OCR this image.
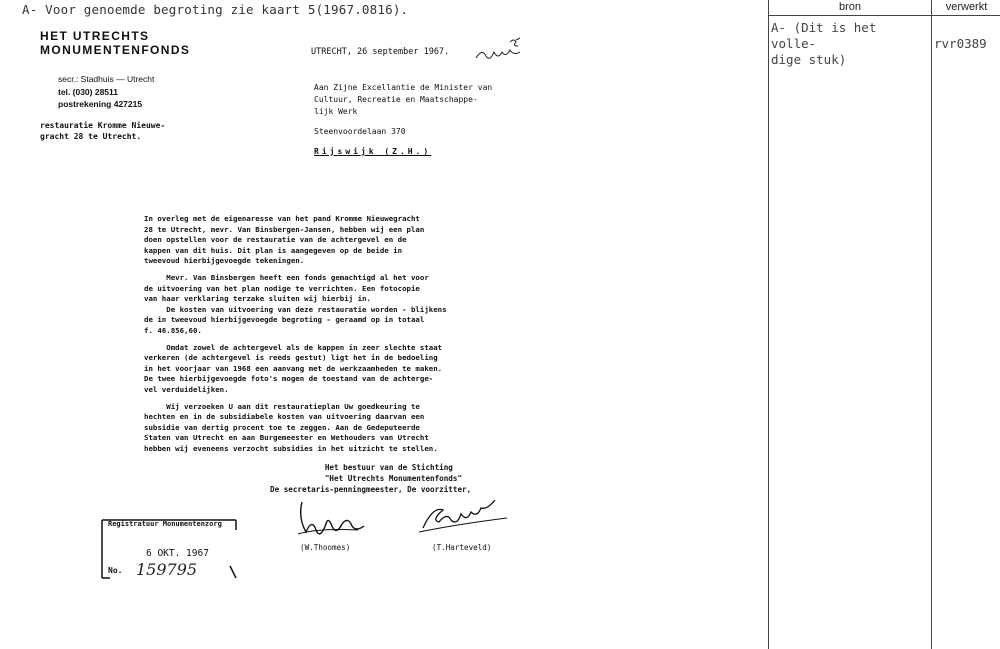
A- Voor genoemde begroting zie kaart 5(1967.0816).
HET UTRECHTS
MONUMENTENFONDS
secr.: Stadhuis — Utrecht
tel. (030) 28511
postrekening 427215
restauratie Kromme Nieuwe-
gracht 28 te Utrecht.
UTRECHT, 26 september 1967.
Aan Zijne Excellantie de Minister van
Cultuur, Recreatie en Maatschappe-
lijk Werk
Steenvoordelaan 370
Rijswijk (Z.H.)

In overleg met de eigenaresse van het pand Kromme Nieuwegracht
28 te Utrecht, mevr. Van Binsbergen-Jansen, hebben wij een plan
doen opstellen voor de restauratie van de achtergevel en de
kappen van dit huis. Dit plan is aangegeven op de beide in
tweevoud hierbijgevoegde tekeningen.

Mevr. Van Binsbergen heeft een fonds gemachtigd al het voor
de uitvoering van het plan nodige te verrichten. Een fotocopie
van haar verklaring terzake sluiten wij hierbij in.
De kosten van uitvoering van deze restauratie worden - blijkens
de in tweevoud hierbijgevoegde begroting - geraamd op in totaal
f. 46.856,60.

Omdat zowel de achtergevel als de kappen in zeer slechte staat
verkeren (de achtergevel is reeds gestut) ligt het in de bedoeling
in het voorjaar van 1968 een aanvang met de werkzaamheden te maken.
De twee hierbijgevoegde foto's mogen de toestand van de achterge-
vel verduidelijken.

Wij verzoeken U aan dit restauratieplan Uw goedkeuring te
hechten en in de subsidiabele kosten van uitvoering daarvan een
subsidie van dertig procent toe te zeggen. Aan de Gedeputeerde
Staten van Utrecht en aan Burgemeester en Wethouders van Utrecht
hebben wij eveneens verzocht subsidies in het uitzicht te stellen.

Het bestuur van de Stichting
"Het Utrechts Monumentenfonds"
De secretaris-penningmeester, De voorzitter,
(W.Thoomes)	(T.Harteveld)
Registratuur Monumentenzorg
6 OKT. 1967
No. 159795
bron	verwerkt
A- (Dit is het volle-
dige stuk)
rvr0389
